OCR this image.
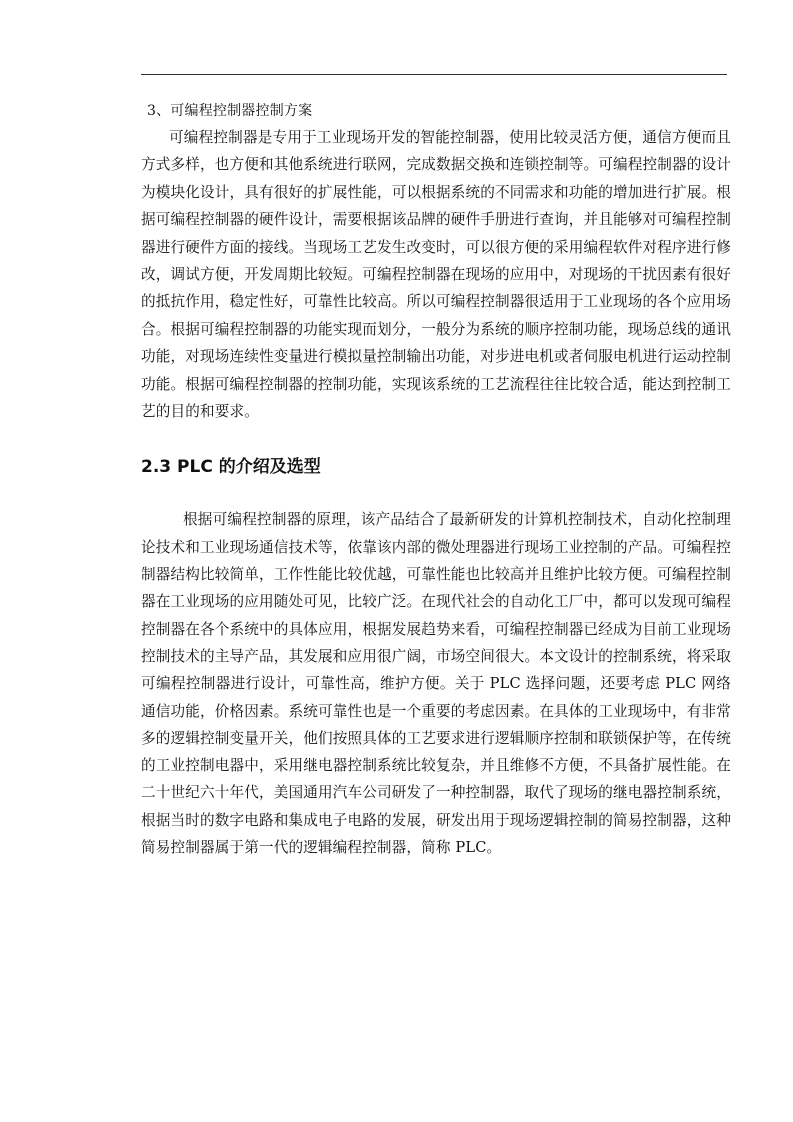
3、可编程控制器控制方案

可编程控制器是专用于工业现场开发的智能控制器，使用比较灵活方便，通信方便而且方式多样，也方便和其他系统进行联网，完成数据交换和连锁控制等。可编程控制器的设计为模块化设计，具有很好的扩展性能，可以根据系统的不同需求和功能的增加进行扩展。根据可编程控制器的硬件设计，需要根据该品牌的硬件手册进行查询，并且能够对可编程控制器进行硬件方面的接线。当现场工艺发生改变时，可以很方便的采用编程软件对程序进行修改，调试方便，开发周期比较短。可编程控制器在现场的应用中，对现场的干扰因素有很好的抵抗作用，稳定性好，可靠性比较高。所以可编程控制器很适用于工业现场的各个应用场合。根据可编程控制器的功能实现而划分，一般分为系统的顺序控制功能，现场总线的通讯功能，对现场连续性变量进行模拟量控制输出功能，对步进电机或者伺服电机进行运动控制功能。根据可编程控制器的控制功能，实现该系统的工艺流程往往比较合适，能达到控制工艺的目的和要求。

2.3 PLC 的介绍及选型

根据可编程控制器的原理，该产品结合了最新研发的计算机控制技术，自动化控制理论技术和工业现场通信技术等，依靠该内部的微处理器进行现场工业控制的产品。可编程控制器结构比较简单，工作性能比较优越，可靠性能也比较高并且维护比较方便。可编程控制器在工业现场的应用随处可见，比较广泛。在现代社会的自动化工厂中，都可以发现可编程控制器在各个系统中的具体应用，根据发展趋势来看，可编程控制器已经成为目前工业现场控制技术的主导产品，其发展和应用很广阔，市场空间很大。本文设计的控制系统，将采取可编程控制器进行设计，可靠性高，维护方便。关于 PLC 选择问题，还要考虑 PLC 网络通信功能，价格因素。系统可靠性也是一个重要的考虑因素。在具体的工业现场中，有非常多的逻辑控制变量开关，他们按照具体的工艺要求进行逻辑顺序控制和联锁保护等，在传统的工业控制电器中，采用继电器控制系统比较复杂，并且维修不方便，不具备扩展性能。在二十世纪六十年代，美国通用汽车公司研发了一种控制器，取代了现场的继电器控制系统，根据当时的数字电路和集成电子电路的发展，研发出用于现场逻辑控制的简易控制器，这种简易控制器属于第一代的逻辑编程控制器，简称 PLC。
